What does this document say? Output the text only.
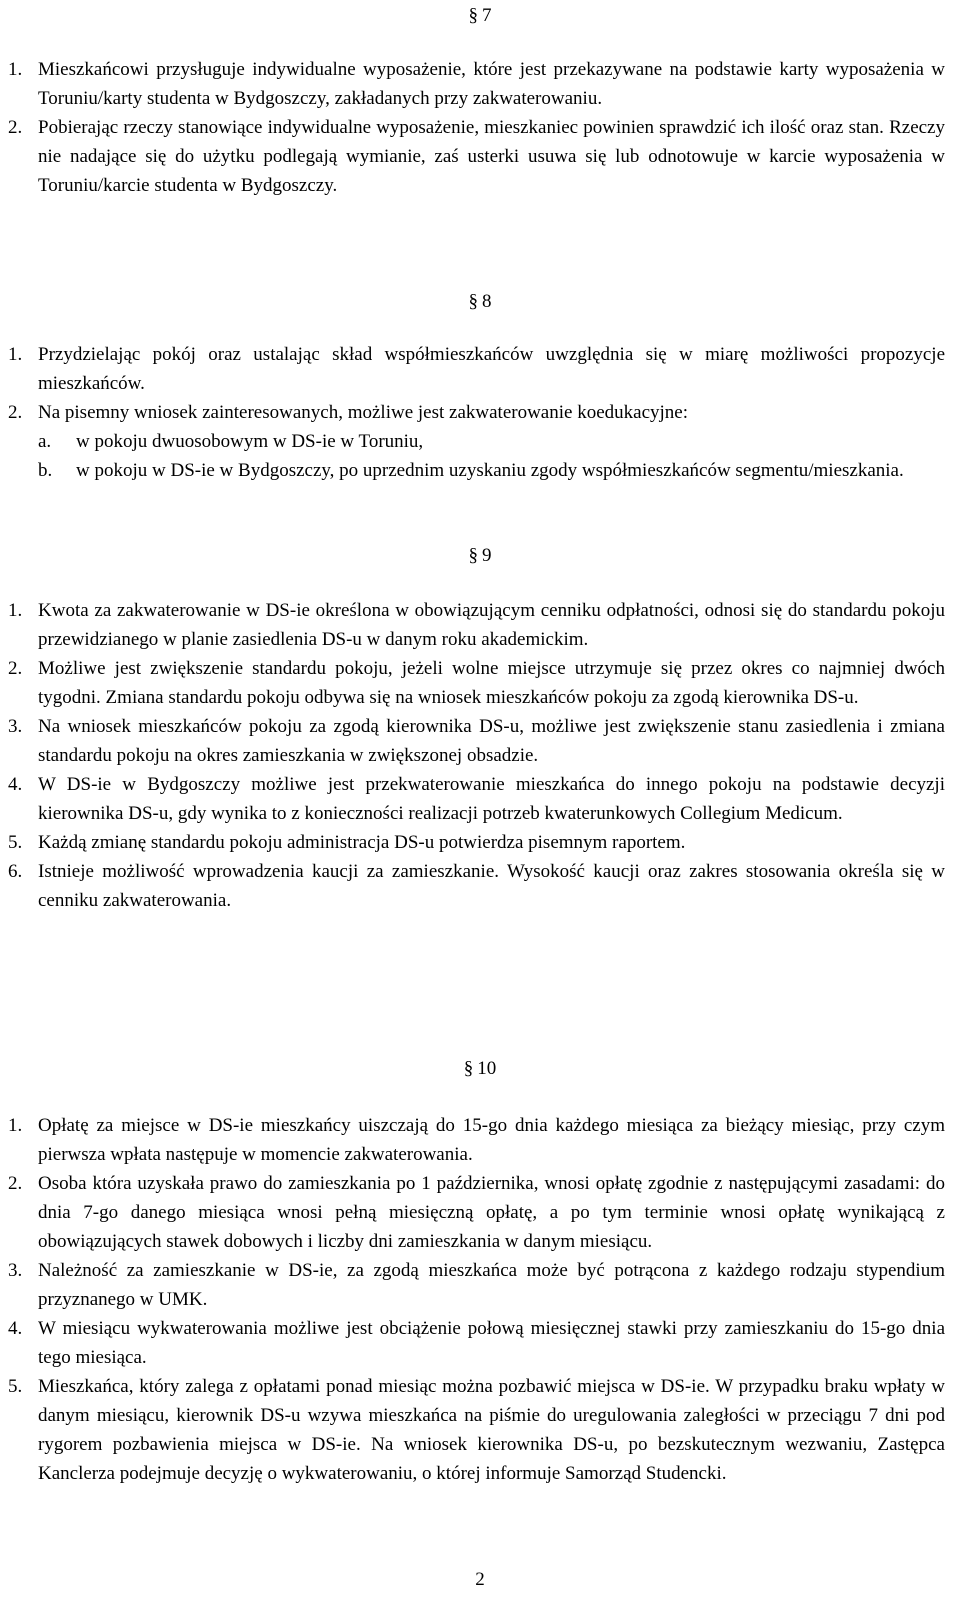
§ 7
1. Mieszkańcowi przysługuje indywidualne wyposażenie, które jest przekazywane na podstawie karty wyposażenia w Toruniu/karty studenta w Bydgoszczy, zakładanych przy zakwaterowaniu.
2. Pobierając rzeczy stanowiące indywidualne wyposażenie, mieszkaniec powinien sprawdzić ich ilość oraz stan. Rzeczy nie nadające się do użytku podlegają wymianie, zaś usterki usuwa się lub odnotowuje w karcie wyposażenia w Toruniu/karcie studenta w Bydgoszczy.
§ 8
1. Przydzielając pokój oraz ustalając skład współmieszkańców uwzględnia się w miarę możliwości propozycje mieszkańców.
2. Na pisemny wniosek zainteresowanych, możliwe jest zakwaterowanie koedukacyjne:
a. w pokoju dwuosobowym w DS-ie w Toruniu,
b. w pokoju w DS-ie w Bydgoszczy, po uprzednim uzyskaniu zgody współmieszkańców segmentu/mieszkania.
§ 9
1. Kwota za zakwaterowanie w DS-ie określona w obowiązującym cenniku odpłatności, odnosi się do standardu pokoju przewidzianego w planie zasiedlenia DS-u w danym roku akademickim.
2. Możliwe jest zwiększenie standardu pokoju, jeżeli wolne miejsce utrzymuje się przez okres co najmniej dwóch tygodni. Zmiana standardu pokoju odbywa się na wniosek mieszkańców pokoju za zgodą kierownika DS-u.
3. Na wniosek mieszkańców pokoju za zgodą kierownika DS-u, możliwe jest zwiększenie stanu zasiedlenia i zmiana standardu pokoju na okres zamieszkania w zwiększonej obsadzie.
4. W DS-ie w Bydgoszczy możliwe jest przekwaterowanie mieszkańca do innego pokoju na podstawie decyzji kierownika DS-u, gdy wynika to z konieczności realizacji potrzeb kwaterunkowych Collegium Medicum.
5. Każdą zmianę standardu pokoju administracja DS-u potwierdza pisemnym raportem.
6. Istnieje możliwość wprowadzenia kaucji za zamieszkanie. Wysokość kaucji oraz zakres stosowania określa się w cenniku zakwaterowania.
§ 10
1. Opłatę za miejsce w DS-ie mieszkańcy uiszczają do 15-go dnia każdego miesiąca za bieżący miesiąc, przy czym pierwsza wpłata następuje w momencie zakwaterowania.
2. Osoba która uzyskała prawo do zamieszkania po 1 października, wnosi opłatę zgodnie z następującymi zasadami: do dnia 7-go danego miesiąca wnosi pełną miesięczną opłatę, a po tym terminie wnosi opłatę wynikającą z obowiązujących stawek dobowych i liczby dni zamieszkania w danym miesiącu.
3. Należność za zamieszkanie w DS-ie, za zgodą mieszkańca może być potrącona z każdego rodzaju stypendium przyznanego w UMK.
4. W miesiącu wykwaterowania możliwe jest obciążenie połową miesięcznej stawki przy zamieszkaniu do 15-go dnia tego miesiąca.
5. Mieszkańca, który zalega z opłatami ponad miesiąc można pozbawić miejsca w DS-ie. W przypadku braku wpłaty w danym miesiącu, kierownik DS-u wzywa mieszkańca na piśmie do uregulowania zaległości w przeciągu 7 dni pod rygorem pozbawienia miejsca w DS-ie. Na wniosek kierownika DS-u, po bezskutecznym wezwaniu, Zastępca Kanclerza podejmuje decyzję o wykwaterowaniu, o której informuje Samorząd Studencki.
2
